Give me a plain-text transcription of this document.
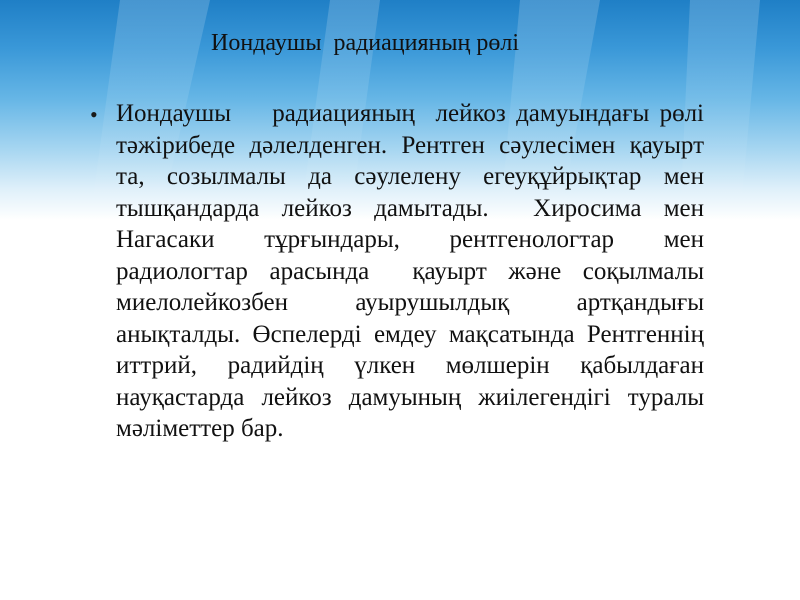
Иондаушы  радиацияның рөлі
• Иондаушы    радиацияның  лейкоз дамуындағы рөлі тәжірибеде дәлелденген. Рентген сәулесімен қауырт та, созылмалы да сәулелену егеуқұйрықтар мен тышқандарда лейкоз дамытады.  Хиросима мен Нагасаки тұрғындары, рентгенологтар мен радиологтар арасында  қауырт және соқылмалы миелолейкозбен ауырушылдық артқандығы анықталды. Өспелерді емдеу мақсатында Рентгеннің иттрий, радийдің үлкен мөлшерін қабылдаған науқастарда лейкоз дамуының жиілегендігі туралы мәліметтер бар.
